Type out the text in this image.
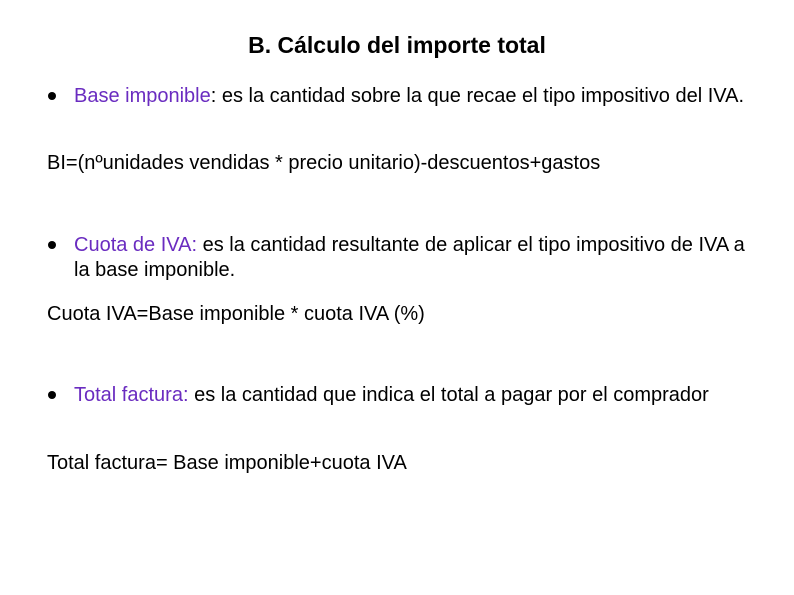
B. Cálculo del importe total
Base imponible: es la cantidad sobre la que recae el tipo impositivo del IVA.
BI=(nºunidades vendidas * precio unitario)-descuentos+gastos
Cuota de IVA: es la cantidad resultante de aplicar el tipo impositivo de IVA a la base imponible.
Cuota IVA=Base imponible * cuota IVA (%)
Total factura: es la cantidad que indica el total a pagar por el comprador
Total factura= Base imponible+cuota IVA
